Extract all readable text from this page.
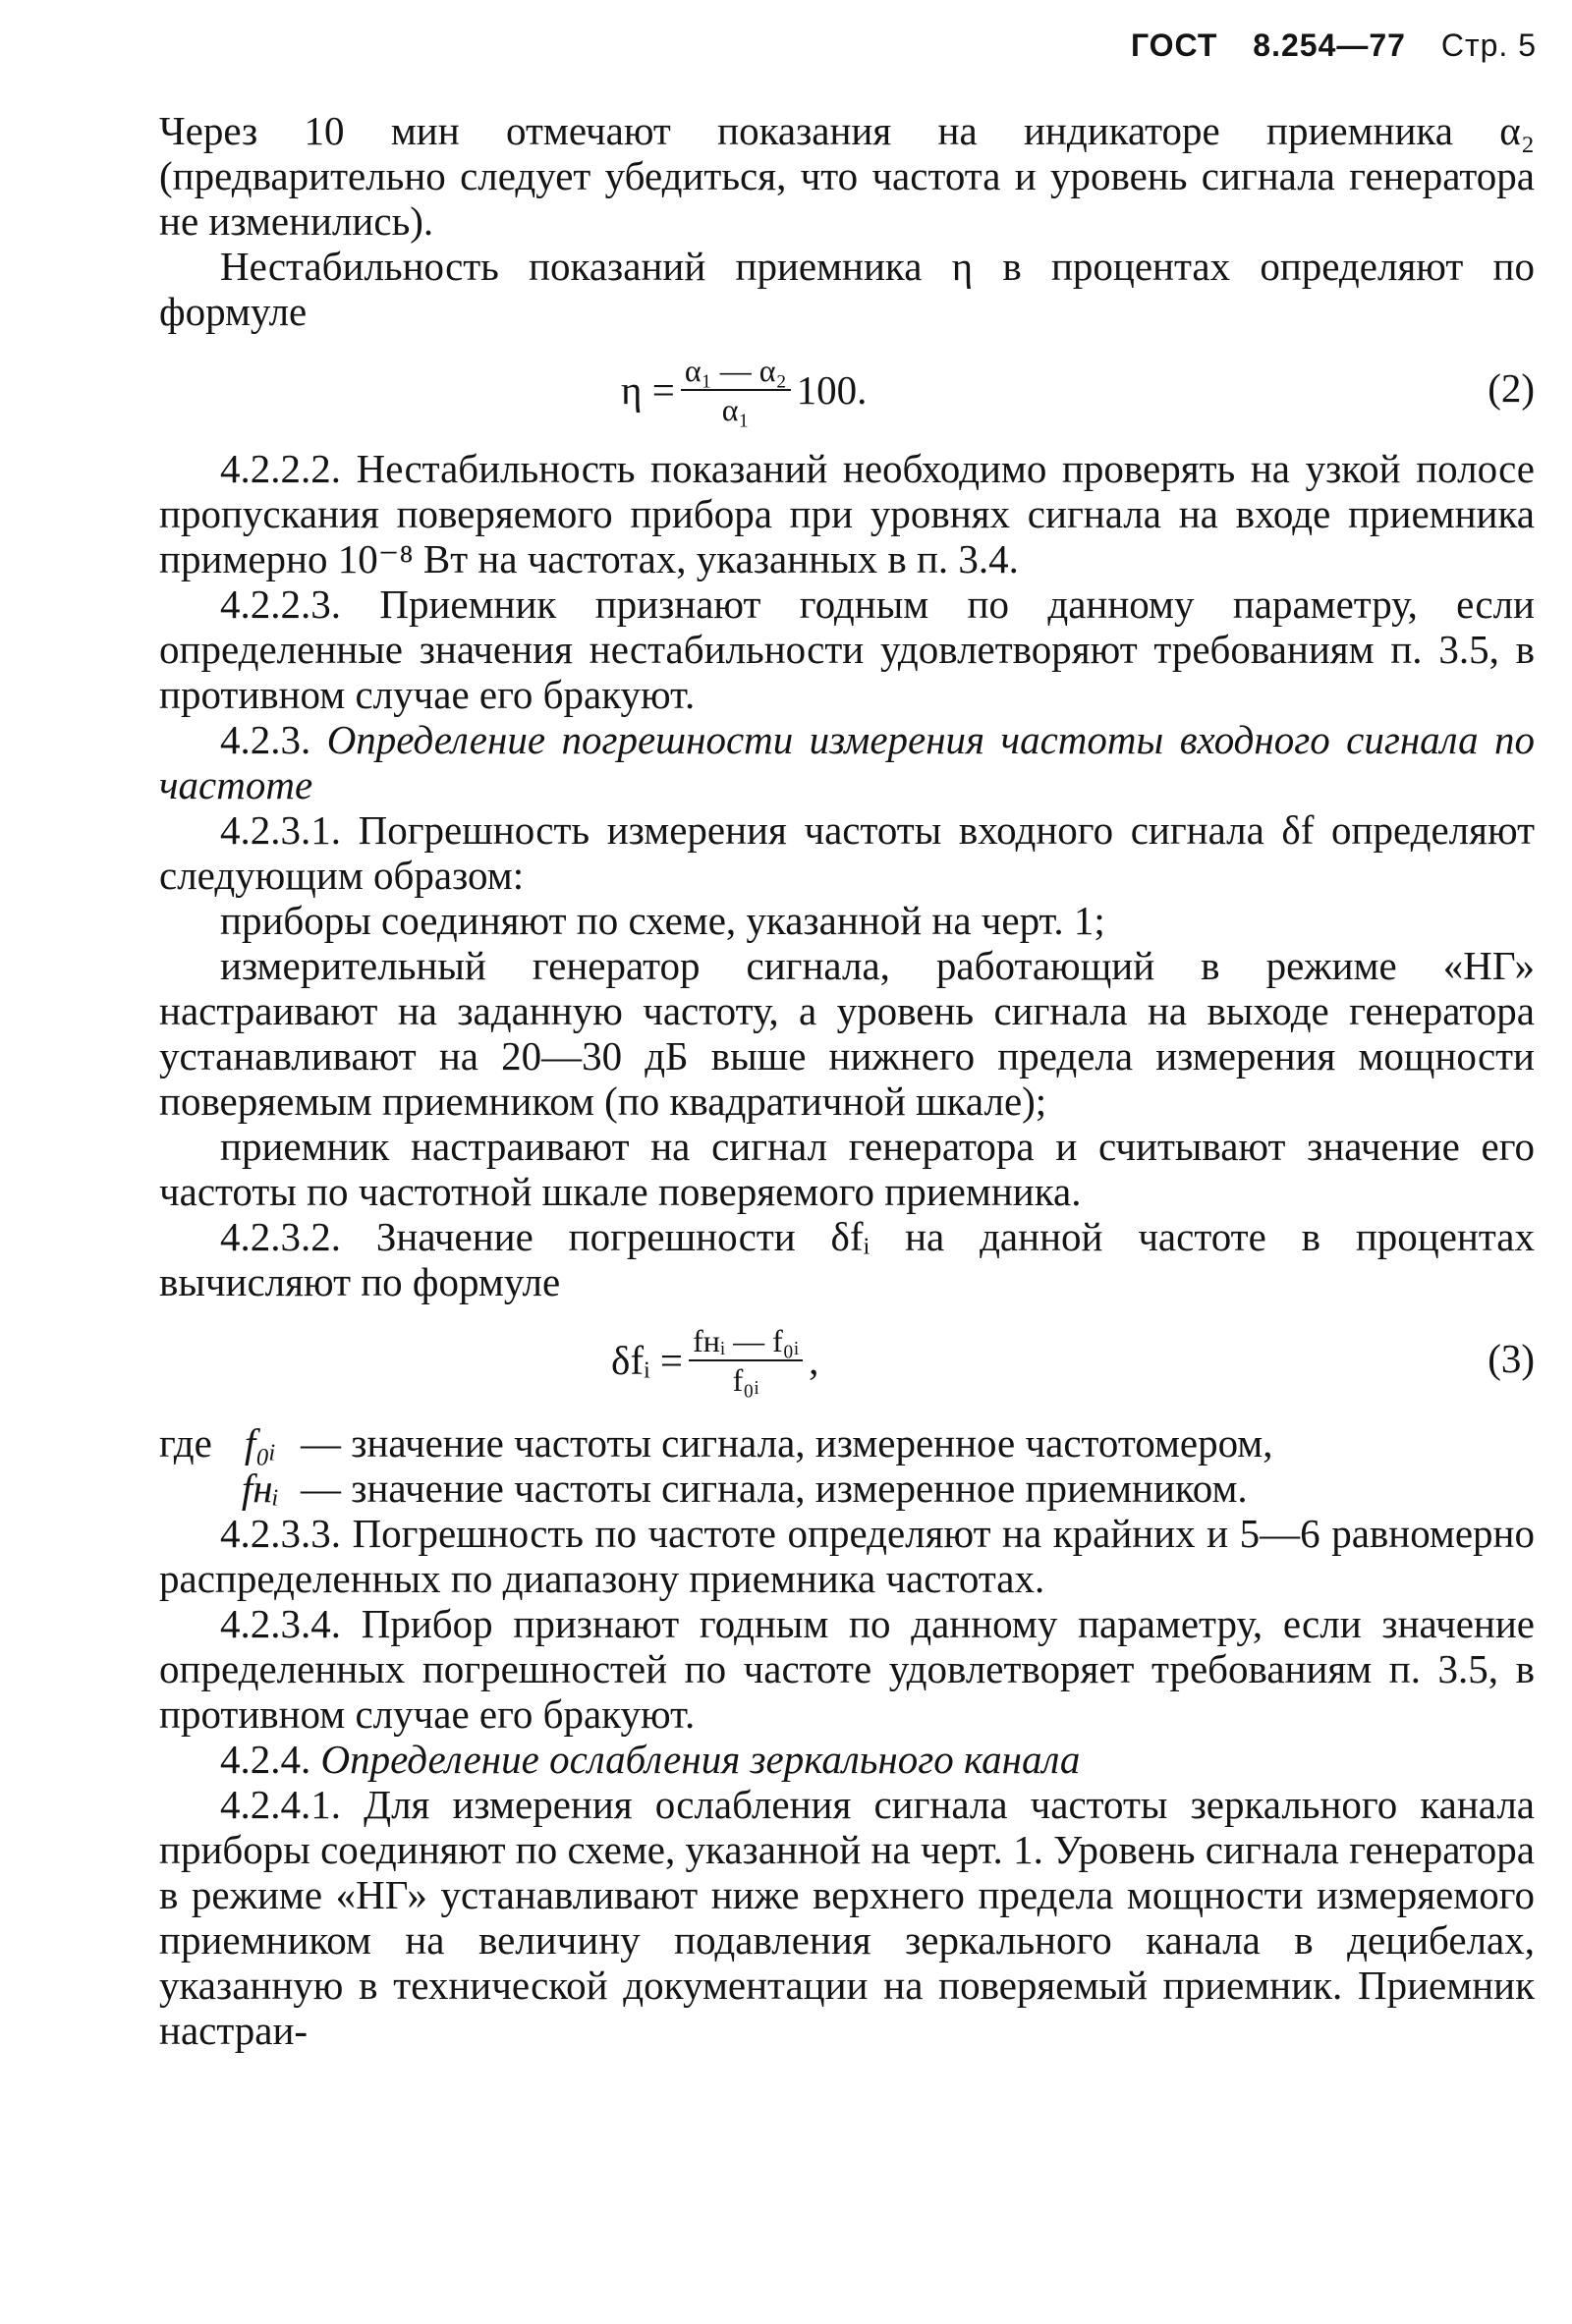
ГОСТ 8.254—77 Стр. 5

Через 10 мин отмечают показания на индикаторе приемника α₂ (предварительно следует убедиться, что частота и уровень сигнала генератора не изменились).

Нестабильность показаний приемника η в процентах определяют по формуле

$\eta = \frac{\text{α₁ — α₂}}{\text{α₁}} 100$.	(2)

4.2.2.2. Нестабильность показаний необходимо проверять на узкой полосе пропускания поверяемого прибора при уровнях сигнала на входе приемника примерно 10⁻⁸ Вт на частотах, указанных в п. 3.4.

4.2.2.3. Приемник признают годным по данному параметру, если определенные значения нестабильности удовлетворяют требованиям п. 3.5, в противном случае его бракуют.

4.2.3. Определение погрешности измерения частоты входного сигнала по частоте

4.2.3.1. Погрешность измерения частоты входного сигнала δf определяют следующим образом:

приборы соединяют по схеме, указанной на черт. 1;

измерительный генератор сигнала, работающий в режиме «НГ» настраивают на заданную частоту, а уровень сигнала на выходе генератора устанавливают на 20—30 дБ выше нижнего предела измерения мощности поверяемым приемником (по квадратичной шкале);

приемник настраивают на сигнал генератора и считывают значение его частоты по частотной шкале поверяемого приемника.

4.2.3.2. Значение погрешности δfᵢ на данной частоте в процентах вычисляют по формуле

δfᵢ = $\frac{\text{fнᵢ — f₀ᵢ}}{\text{f₀ᵢ}}$ ,	(3)
где	f₀ᵢ	— значение частоты сигнала, измеренное частотомером,
	fнᵢ	— значение частоты сигнала, измеренное приемником.

4.2.3.3. Погрешность по частоте определяют на крайних и 5—6 равномерно распределенных по диапазону приемника частотах.

4.2.3.4. Прибор признают годным по данному параметру, если значение определенных погрешностей по частоте удовлетворяет требованиям п. 3.5, в противном случае его бракуют.

4.2.4. Определение ослабления зеркального канала

4.2.4.1. Для измерения ослабления сигнала частоты зеркального канала приборы соединяют по схеме, указанной на черт. 1. Уровень сигнала генератора в режиме «НГ» устанавливают ниже верхнего предела мощности измеряемого приемником на величину подавления зеркального канала в децибелах, указанную в технической документации на поверяемый приемник. Приемник настраи-
